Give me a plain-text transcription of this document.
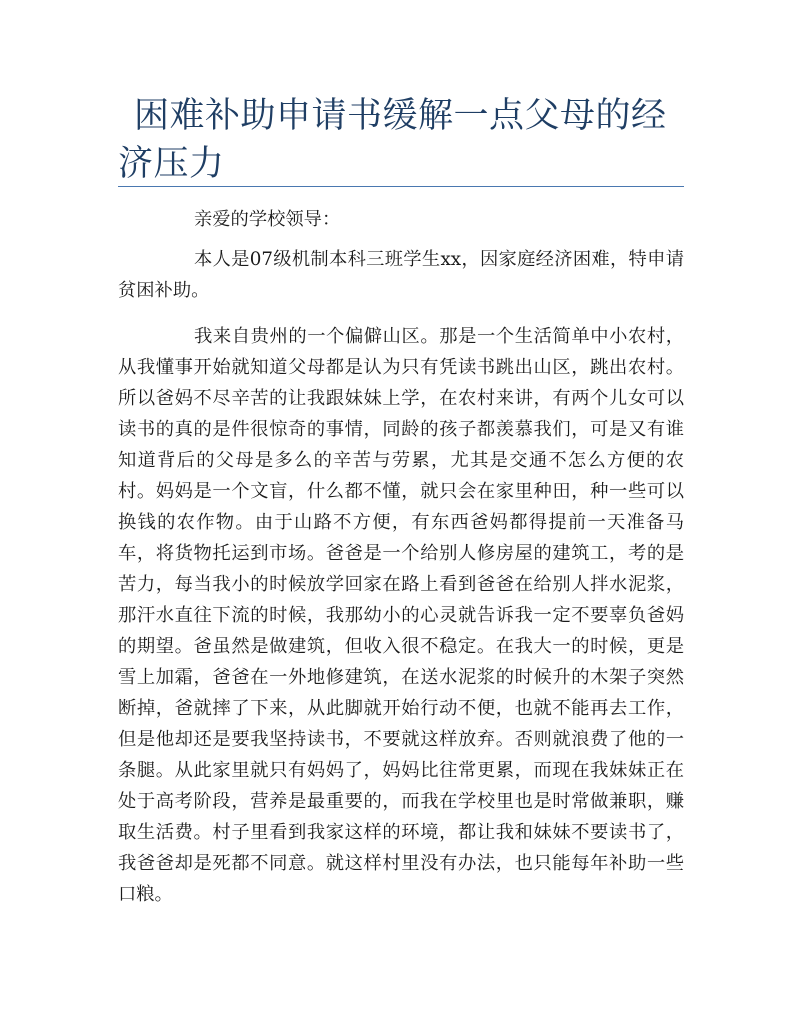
困难补助申请书缓解一点父母的经济压力

亲爱的学校领导：

本人是07级机制本科三班学生xx，因家庭经济困难，特申请贫困补助。

我来自贵州的一个偏僻山区。那是一个生活简单中小农村，从我懂事开始就知道父母都是认为只有凭读书跳出山区，跳出农村。所以爸妈不尽辛苦的让我跟妹妹上学，在农村来讲，有两个儿女可以读书的真的是件很惊奇的事情，同龄的孩子都羡慕我们，可是又有谁知道背后的父母是多么的辛苦与劳累，尤其是交通不怎么方便的农村。妈妈是一个文盲，什么都不懂，就只会在家里种田，种一些可以换钱的农作物。由于山路不方便，有东西爸妈都得提前一天准备马车，将货物托运到市场。爸爸是一个给别人修房屋的建筑工，考的是苦力，每当我小的时候放学回家在路上看到爸爸在给别人拌水泥浆，那汗水直往下流的时候，我那幼小的心灵就告诉我一定不要辜负爸妈的期望。爸虽然是做建筑，但收入很不稳定。在我大一的时候，更是雪上加霜，爸爸在一外地修建筑，在送水泥浆的时候升的木架子突然断掉，爸就摔了下来，从此脚就开始行动不便，也就不能再去工作，但是他却还是要我坚持读书，不要就这样放弃。否则就浪费了他的一条腿。从此家里就只有妈妈了，妈妈比往常更累，而现在我妹妹正在处于高考阶段，营养是最重要的，而我在学校里也是时常做兼职，赚取生活费。村子里看到我家这样的环境，都让我和妹妹不要读书了，我爸爸却是死都不同意。就这样村里没有办法，也只能每年补助一些口粮。
